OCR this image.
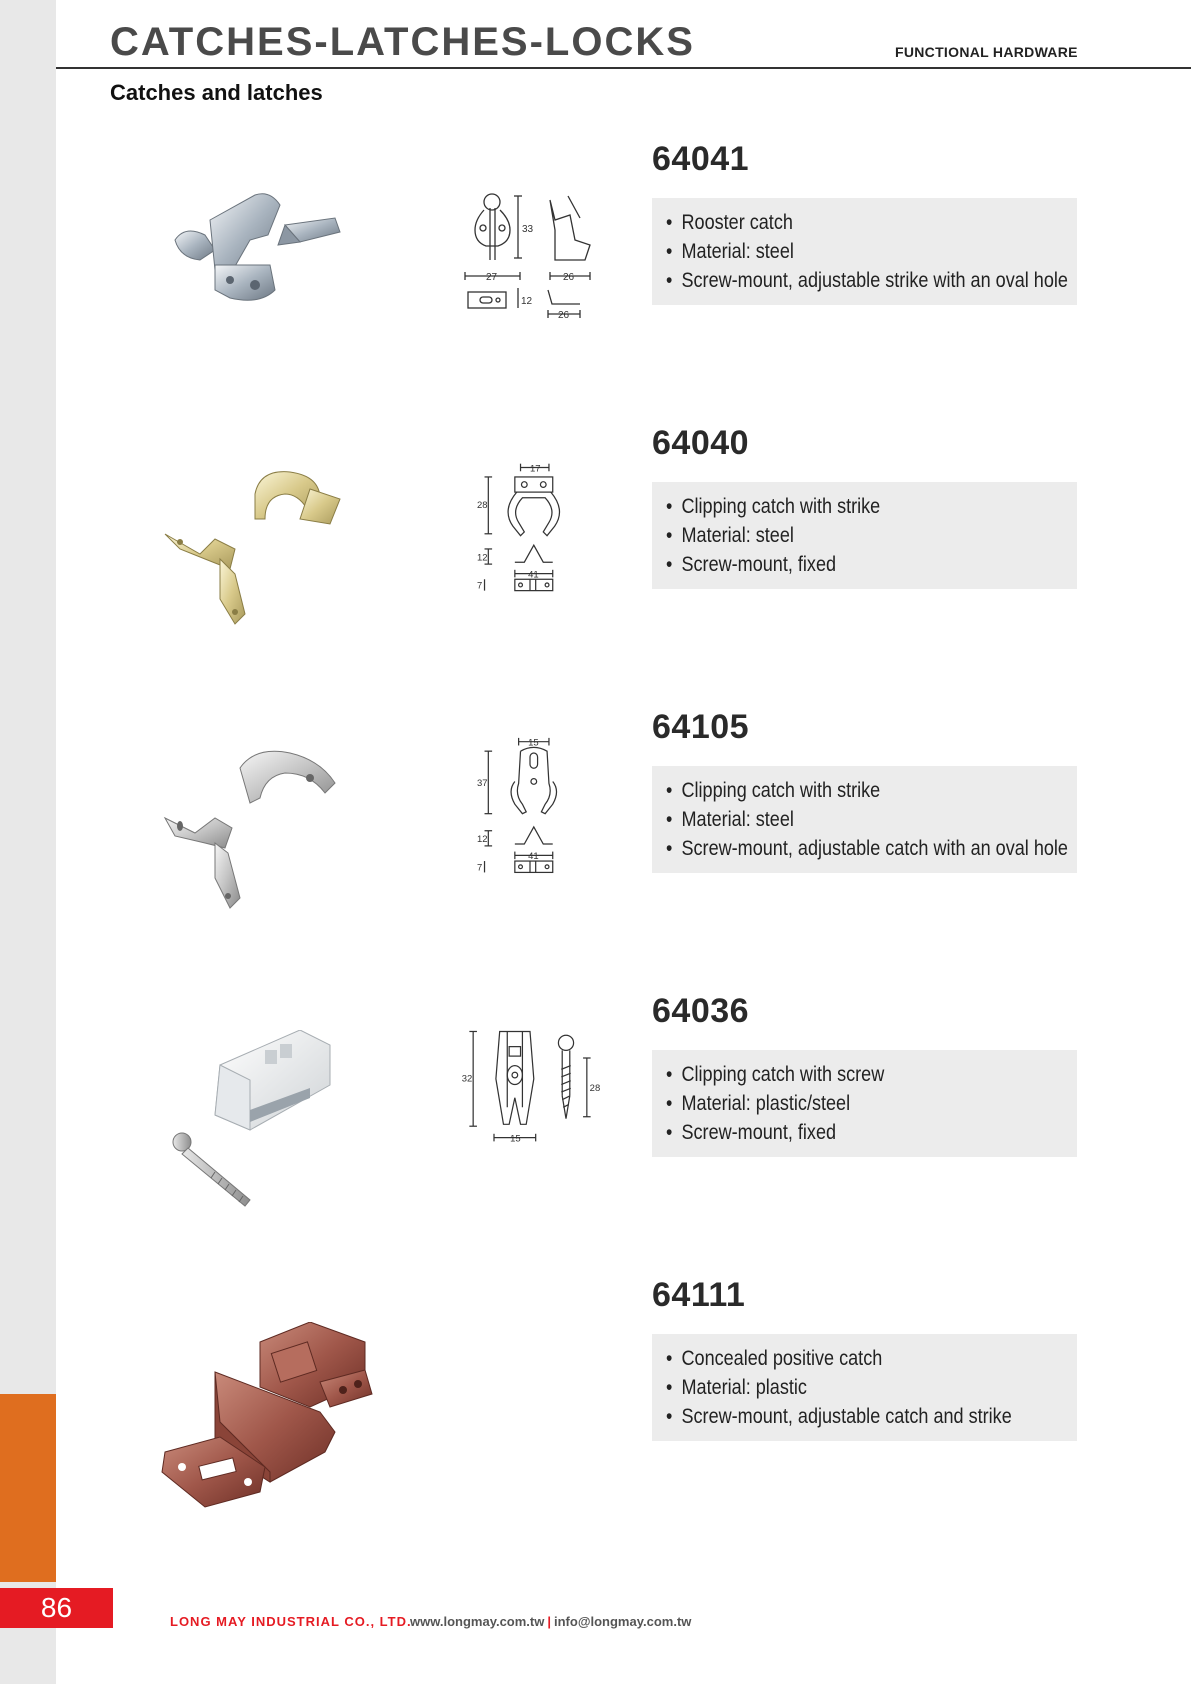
86
CATCHES-LATCHES-LOCKS	FUNCTIONAL HARDWARE
Catches and latches
33
27	26
12
26
64041
• Rooster catch
• Material: steel
• Screw-mount, adjustable strike with an oval hole
17
28
12
41
7
64040
• Clipping catch with strike
• Material: steel
• Screw-mount, fixed
15
37
12
41
7
64105
• Clipping catch with strike
• Material: steel
• Screw-mount, adjustable catch with an oval hole
32
28
15
64036
• Clipping catch with screw
• Material: plastic/steel
• Screw-mount, fixed
64111
• Concealed positive catch
• Material: plastic
• Screw-mount, adjustable catch and strike
LONG MAY INDUSTRIAL CO., LTD.
www.longmay.com.tw | info@longmay.com.tw
